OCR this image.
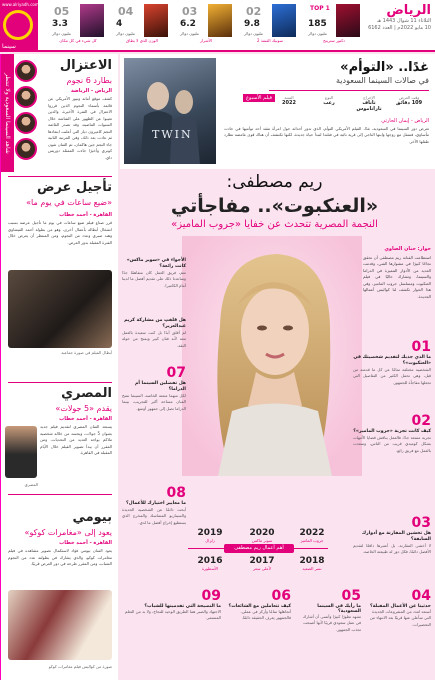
الرياض
الثلاثاء 11 شوال 1443 هـ
10 مايو 2022م | العدد 6162
www.alriyadh.com
سينما
TOP 1
185
مليون دولار
دكتور سترينج
02
9.8
مليون دولار
سونيك القنفذ 2
03
6.2
مليون دولار
الأشرار
04
4
مليون دولار
الوزن الذي لا يطاق
05
3.3
مليون دولار
كل شيء في كل مكان
شاهد السينما السعودية ولا تنتظر
الاعتزال
بطارد 6 نجوم
الرياض - الرياضة
كشف موقع أمانة ونيوز الأمريكي عن قائمة بأسماء النجوم الذين قرروا الاعتزال في الفترة الأخيرة، والذين تغيبوا عن الظهور على الشاشة خلال السنوات الماضية، وقد تصدر القائمة النجم كاميرون دياز التي أعلنت ابتعادها ثم عادت بعد ذلك، وفي المرتبة الثانية جاء النجم جين هاكمان، ثم الفنان شون كونري وأخيرًا جاءت الممثلة دوريس داي.
تأجيل عرض
«ضيع ساعات في يوم ما»
القاهرة - أحمد خطاب
قرر صناع فيلم ضيع ساعات في يوم ما تأجيل عرضه بسبب انشغال أبطاله بأعمال أخرى، وهو من بطولة أحمد الفيشاوي وهند صبري وعدد من النجوم، ومن المنتظر أن يعرض خلال الفترة المقبلة بدور العرض.
أبطال الفيلم في صورة جماعية
المصري
يقدم «5 جولات»
القاهرة - أحمد خطاب
يستعد الفنان المصري لتقديم فيلم جديد بعنوان 5 جولات، ويجسد من خلاله شخصية ملاكم يواجه العديد من التحديات، ومن المقرر أن يبدأ تصوير الفيلم خلال الأيام المقبلة في القاهرة.
المصري
بيومي
يعود إلى «مغامرات كوكو»
القاهرة - أحمد خطاب
يعود الفنان بيومي فؤاد لاستكمال تصوير مشاهده في فيلم مغامرات كوكو، والذي يشارك في بطولته عدد من النجوم الشباب، ومن المقرر طرحه في دور العرض قريبًا.
صورة من كواليس فيلم مغامرات كوكو
TWIN
غدًا.. «التوأم»
في صالات السينما السعودية
فيلم الأسبوع	وقت العرض
109 دقائق
الإخراج
تاناف تاراناموس
النوع
رعب
السنة
2022
الرياض - إيمان الحارثي
تعرض دور السينما في السعودية، غدًا، الفيلم الأمريكي التوأم، الذي تدور أحداثه حول امرأة تفقد أحد توأميها في حادث مأساوي، فتنتقل مع زوجها وابنها الناجي إلى قرية نائية في فنلندا لتبدأ حياة جديدة، لكنها تكتشف أن هناك قوى غامضة تطارد طفلها الآخر.
ريم مصطفى:
«العنكبوت».. مفاجأتي
النجمة المصرية تتحدث عن خفايا «جروب الماميز»
حوار: حنان الصاوي
استطاعت الفنانة ريم مصطفى أن تحقق نجاحًا كبيرًا في مشوارها الفني، وقدمت العديد من الأدوار المميزة في الدراما والسينما، وتشارك حاليًا في فيلم العنكبوت ومسلسل جروب الماميز، وفي هذا الحوار تكشف لنا كواليس أعمالها الجديدة.
01
ما الذي جذبك لتقديم شخصيتك في «العنكبوت»؟
الشخصية مختلفة تمامًا عن كل ما قدمته من قبل، وهي تحمل الكثير من التفاصيل التي تجعلها مفاجأة للجمهور.
02
كيف كانت تجربة «جروب الماميز»؟
تجربة ممتعة جدًا، فالعمل يناقش قضايا الأمهات بشكل كوميدي قريب من الناس، وسعدت بالعمل مع فريق رائع.
03
هل تخشين المقارنة مع أدوارك السابقة؟
لا أخشى المقارنة، بل أعتبرها دافعًا لتقديم الأفضل دائمًا، فكل دور له طبيعته الخاصة.
الأجواء في «سوبر ماكس» كانت رائعة؟
نعم، فريق العمل كان متفاهمًا جدًا وساعدنا ذلك على تقديم أفضل ما لدينا أمام الكاميرا.
هل قلقتِ من مشاركة كريم عبدالعزيز؟
لم أقلق أبدًا بل كنت سعيدة بالعمل معه لأنه فنان كبير ويمنح من حوله الثقة.
07
هل تفضلين السينما أم الدراما؟
لكل منهما متعته الخاصة، السينما تمنح الفنان مساحة أكبر للتجريب، بينما الدراما تصل إلى جمهور أوسع.
08
ما معايير اختيارك للأعمال؟
أبحث دائمًا عن الشخصية الجديدة والسيناريو المتماسك والمخرج الذي يستطيع إخراج أفضل ما لدي.
أهم أعمال ريم مصطفى
2022
جروب الماميز
2020
سوبر ماكس
2019
زلزال
2018
نسر الصعيد
2017
لأعلى سعر
2016
الأسطورة
04
حدثينا عن الأعمال المقبلة؟
أستعد لعدد من المشروعات الجديدة التي سأعلن عنها قريبًا بعد الانتهاء من التحضيرات.
05
ما رأيك في السينما السعودية؟
تشهد تطورًا كبيرًا وأتمنى أن أشارك في عمل سعودي قريبًا لأنها أصبحت تجذب الجمهور.
06
كيف تتعاملين مع الشائعات؟
أتجاهلها تمامًا وأركز في عملي، فالجمهور يعرف الحقيقة دائمًا.
09
ما النصيحة التي تقدمينها للشباب؟
الاجتهاد والصبر هما الطريق الوحيد للنجاح، ولا بد من التعلم المستمر.
